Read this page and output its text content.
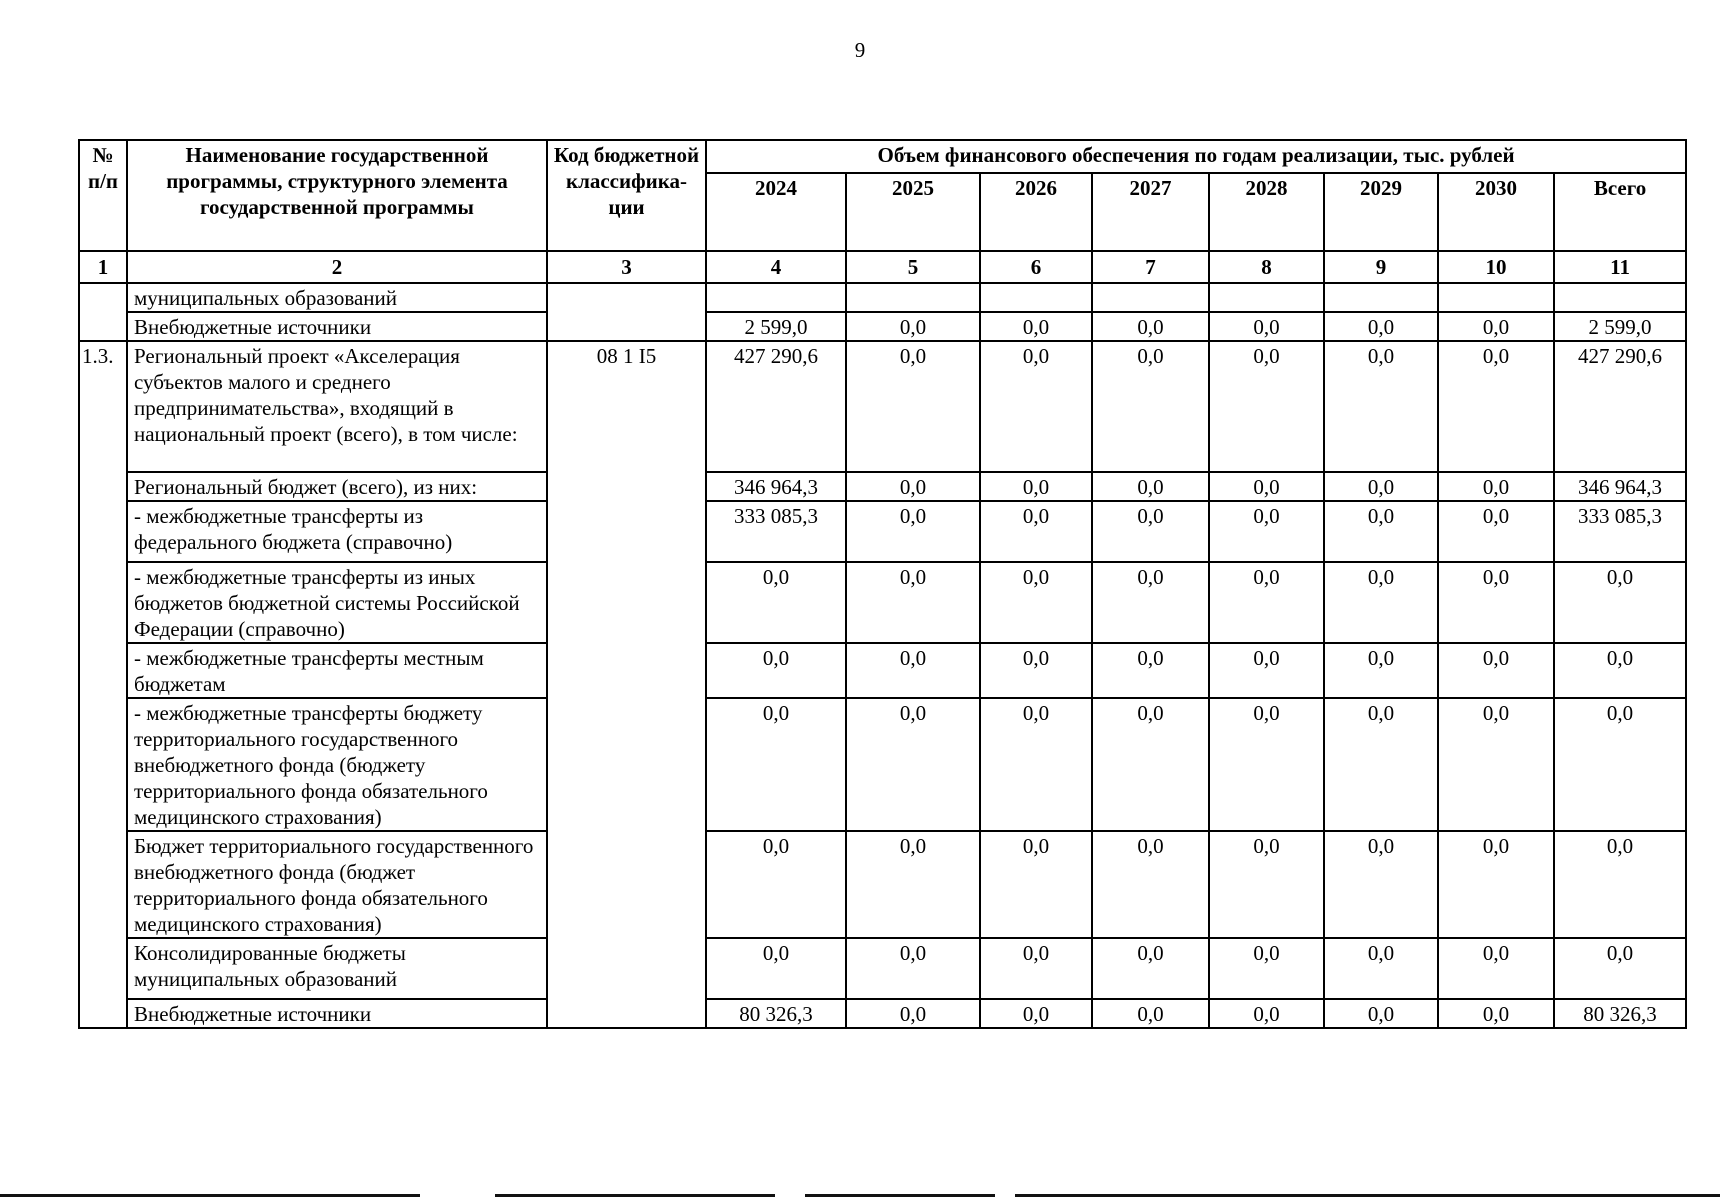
9
№ п/п	Наименование государственной программы, структурного элемента государственной программы	Код бюджетной классифика-ции	Объем финансового обеспечения по годам реализации, тыс. рублей							
			2024	2025	2026	2027	2028	2029	2030	Всего
1	2	3	4	5	6	7	8	9	10	11
	муниципальных образований									
	Внебюджетные источники		2 599,0	0,0	0,0	0,0	0,0	0,0	0,0	2 599,0
1.3.	Региональный проект «Акселерация субъектов малого и среднего предпринимательства», входящий в национальный проект (всего), в том числе:	08 1 I5	427 290,6	0,0	0,0	0,0	0,0	0,0	0,0	427 290,6
	Региональный бюджет (всего), из них:		346 964,3	0,0	0,0	0,0	0,0	0,0	0,0	346 964,3
	- межбюджетные трансферты из федерального бюджета (справочно)		333 085,3	0,0	0,0	0,0	0,0	0,0	0,0	333 085,3
	- межбюджетные трансферты из иных бюджетов бюджетной системы Российской Федерации (справочно)		0,0	0,0	0,0	0,0	0,0	0,0	0,0	0,0
	- межбюджетные трансферты местным бюджетам		0,0	0,0	0,0	0,0	0,0	0,0	0,0	0,0
	- межбюджетные трансферты бюджету территориального государственного внебюджетного фонда (бюджету территориального фонда обязательного медицинского страхования)		0,0	0,0	0,0	0,0	0,0	0,0	0,0	0,0
	Бюджет территориального государственного внебюджетного фонда (бюджет территориального фонда обязательного медицинского страхования)		0,0	0,0	0,0	0,0	0,0	0,0	0,0	0,0
	Консолидированные бюджеты муниципальных образований		0,0	0,0	0,0	0,0	0,0	0,0	0,0	0,0
	Внебюджетные источники		80 326,3	0,0	0,0	0,0	0,0	0,0	0,0	80 326,3
